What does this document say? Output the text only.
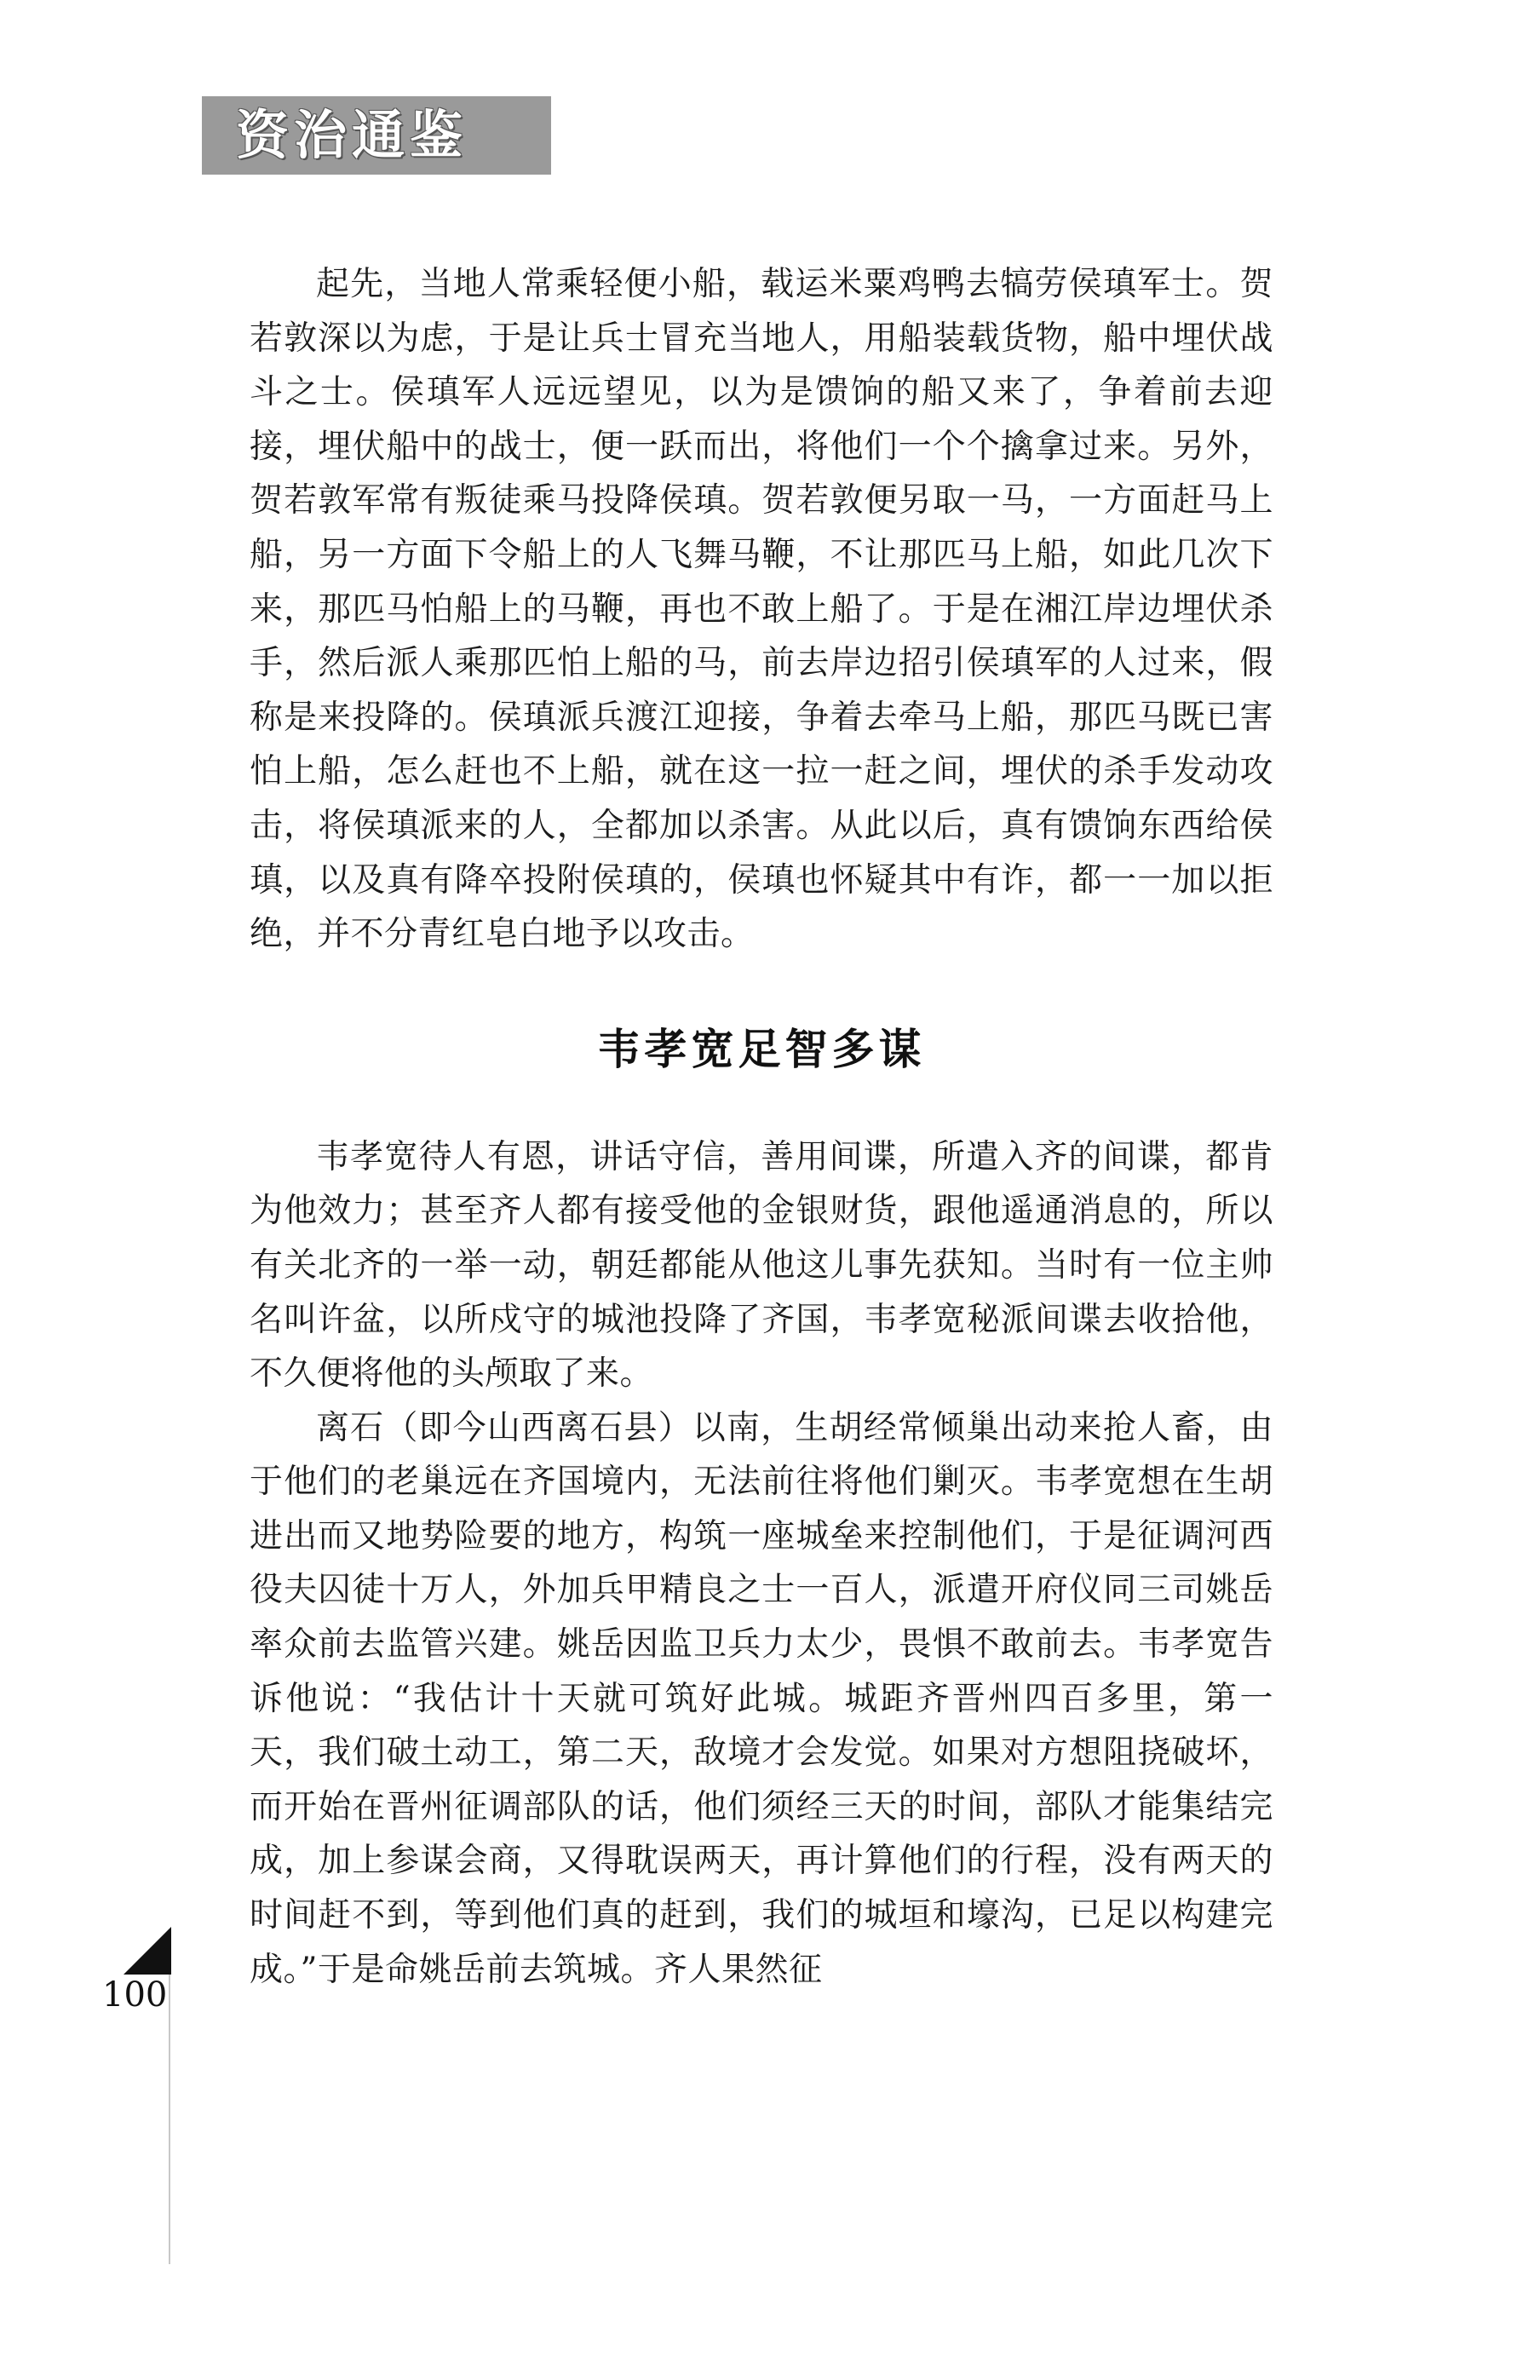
资治通鉴

起先，当地人常乘轻便小船，载运米粟鸡鸭去犒劳侯瑱军士。贺若敦深以为虑，于是让兵士冒充当地人，用船装载货物，船中埋伏战斗之士。侯瑱军人远远望见，以为是馈饷的船又来了，争着前去迎接，埋伏船中的战士，便一跃而出，将他们一个个擒拿过来。另外，贺若敦军常有叛徒乘马投降侯瑱。贺若敦便另取一马，一方面赶马上船，另一方面下令船上的人飞舞马鞭，不让那匹马上船，如此几次下来，那匹马怕船上的马鞭，再也不敢上船了。于是在湘江岸边埋伏杀手，然后派人乘那匹怕上船的马，前去岸边招引侯瑱军的人过来，假称是来投降的。侯瑱派兵渡江迎接，争着去牵马上船，那匹马既已害怕上船，怎么赶也不上船，就在这一拉一赶之间，埋伏的杀手发动攻击，将侯瑱派来的人，全都加以杀害。从此以后，真有馈饷东西给侯瑱，以及真有降卒投附侯瑱的，侯瑱也怀疑其中有诈，都一一加以拒绝，并不分青红皂白地予以攻击。

韦孝宽足智多谋

韦孝宽待人有恩，讲话守信，善用间谍，所遣入齐的间谍，都肯为他效力；甚至齐人都有接受他的金银财货，跟他遥通消息的，所以有关北齐的一举一动，朝廷都能从他这儿事先获知。当时有一位主帅名叫许盆，以所戍守的城池投降了齐国，韦孝宽秘派间谍去收拾他，不久便将他的头颅取了来。

离石（即今山西离石县）以南，生胡经常倾巢出动来抢人畜，由于他们的老巢远在齐国境内，无法前往将他们剿灭。韦孝宽想在生胡进出而又地势险要的地方，构筑一座城垒来控制他们，于是征调河西役夫囚徒十万人，外加兵甲精良之士一百人，派遣开府仪同三司姚岳率众前去监管兴建。姚岳因监卫兵力太少，畏惧不敢前去。韦孝宽告诉他说：“我估计十天就可筑好此城。城距齐晋州四百多里，第一天，我们破土动工，第二天，敌境才会发觉。如果对方想阻挠破坏，而开始在晋州征调部队的话，他们须经三天的时间，部队才能集结完成，加上参谋会商，又得耽误两天，再计算他们的行程，没有两天的时间赶不到，等到他们真的赶到，我们的城垣和壕沟，已足以构建完成。”于是命姚岳前去筑城。齐人果然征

100
